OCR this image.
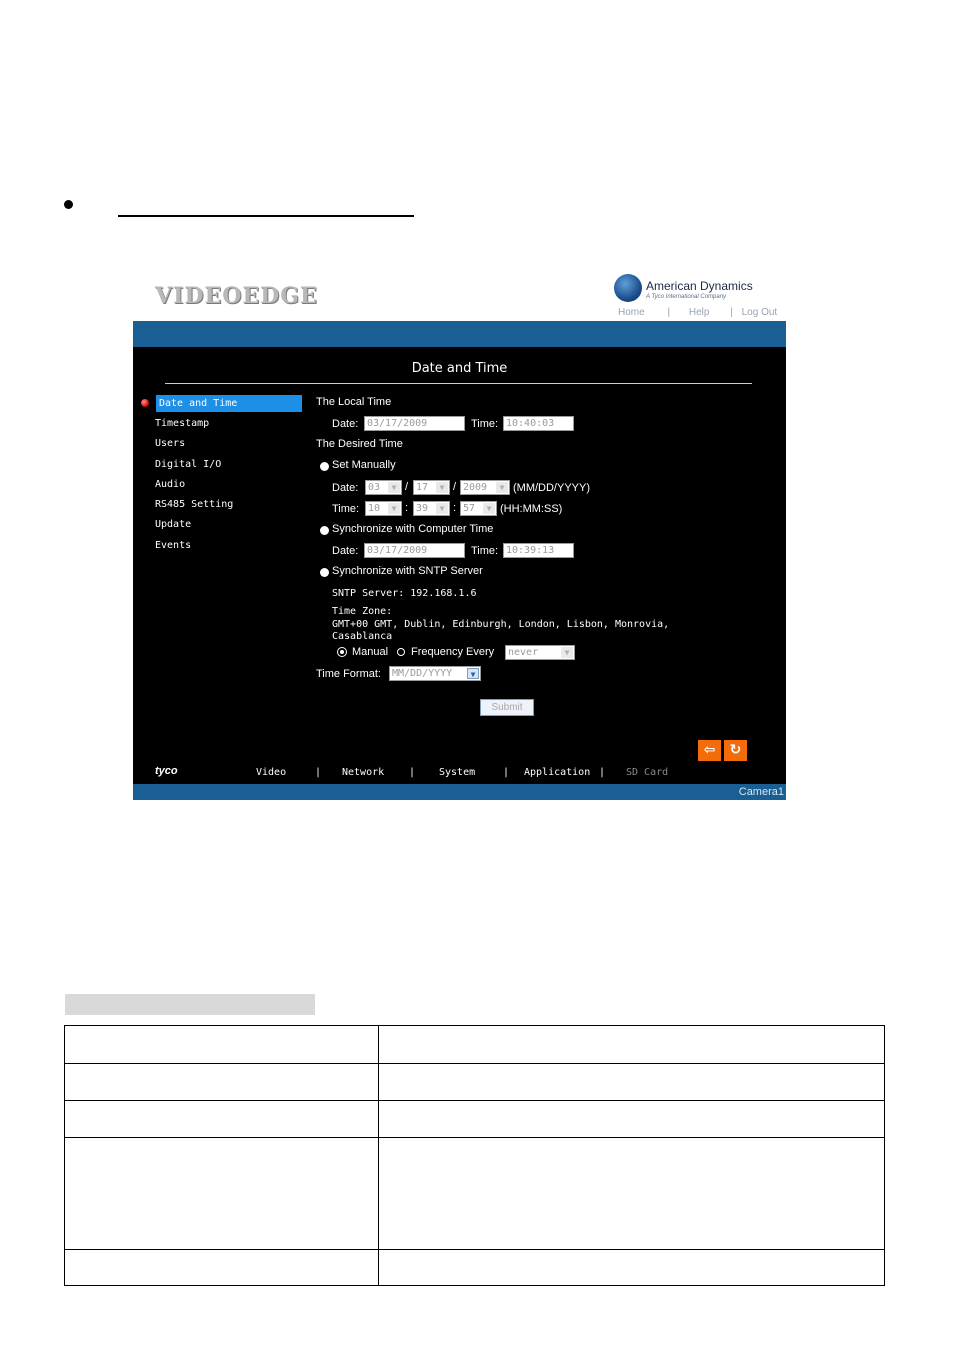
VIDEOEDGE	American Dynamics
A Tyco International Company
Home | Help | Log Out
Date and Time
Date and Time
Timestamp
Users
Digital I/O
Audio
RS485 Setting
Update
Events
The Local Time
Date: 03/17/2009	Time: 10:40:03
The Desired Time
Set Manually
Date: 03	▼ / 17	▼ / 2009	▼ (MM/DD/YYYY)
Time: 10	▼ : 39	▼ : 57	▼ (HH:MM:SS)
Synchronize with Computer Time
Date: 03/17/2009	Time: 10:39:13
Synchronize with SNTP Server
SNTP Server: 192.168.1.6
Time Zone:
GMT+00 GMT, Dublin, Edinburgh, London, Lisbon, Monrovia,
Casablanca
Manual Frequency Every	never	▼
Time Format:	MM/DD/YYYY	▼
Submit
⇦	↻
tyco	Video	| Network | System	| Application | SD Card
Camera1
